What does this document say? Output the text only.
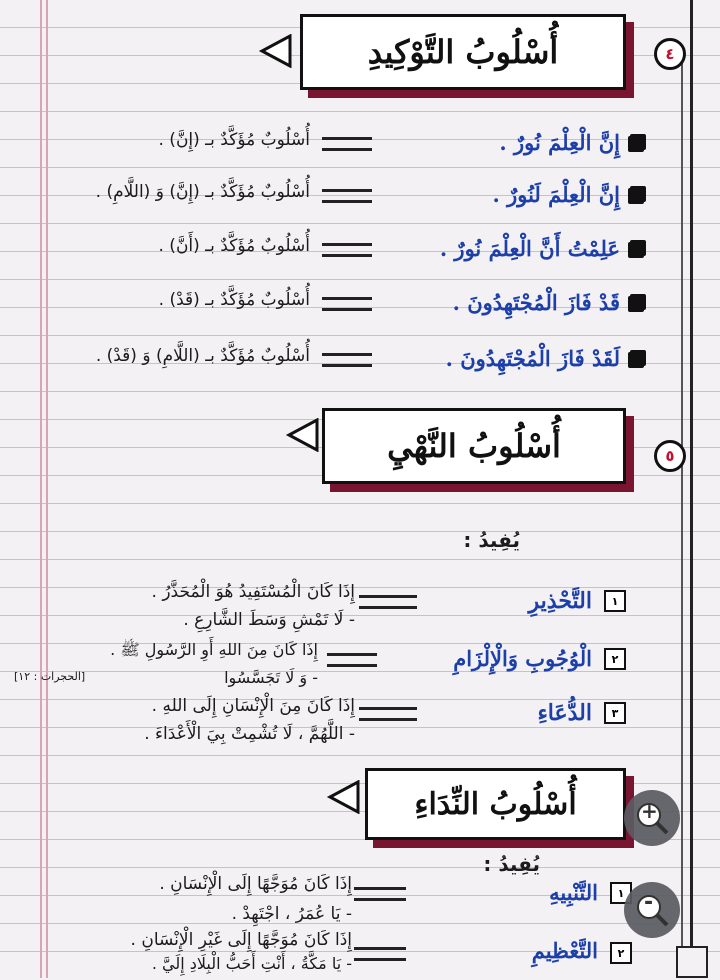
٤
أُسْلُوبُ التَّوْكِيدِ
إِنَّ الْعِلْمَ نُورٌ .
أُسْلُوبٌ مُؤَكَّدٌ بـ (إِنَّ) .
إِنَّ الْعِلْمَ لَنُورٌ .
أُسْلُوبٌ مُؤَكَّدٌ بـ (إِنَّ) وَ (اللَّامِ) .
عَلِمْتُ أَنَّ الْعِلْمَ نُورٌ .
أُسْلُوبٌ مُؤَكَّدٌ بـ (أَنَّ) .
قَدْ فَازَ الْمُجْتَهِدُونَ .
أُسْلُوبٌ مُؤَكَّدٌ بـ (قَدْ) .
لَقَدْ فَازَ الْمُجْتَهِدُونَ .
أُسْلُوبٌ مُؤَكَّدٌ بـ (اللَّامِ) وَ (قَدْ) .
٥
أُسْلُوبُ النَّهْيِ
يُفِيدُ :
١
التَّحْذِيرِ
إِذَا كَانَ الْمُسْتَفِيدُ هُوَ الْمُحَذَّرُ .
- لَا تَمْشِ وَسَطَ الشَّارِعِ .
٢
الْوُجُوبِ وَالْإِلْزَامِ
إِذَا كَانَ مِنَ اللهِ أَوِ الرَّسُولِ ﷺ .
- وَ لَا تَجَسَّسُوا
[الحجرات : ١٢]
٣
الدُّعَاءِ
إِذَا كَانَ مِنَ الْإِنْسَانِ إِلَى اللهِ .
- اللَّهُمَّ ، لَا تُشْمِتْ بِيَ الْأَعْدَاءَ .
أُسْلُوبُ النِّدَاءِ
يُفِيدُ :
١
التَّنْبِيهِ
إِذَا كَانَ مُوَجَّهًا إِلَى الْإِنْسَانِ .
- يَا عُمَرُ ، اجْتَهِدْ .
٢
التَّعْظِيمِ
إِذَا كَانَ مُوَجَّهًا إِلَى غَيْرِ الْإِنْسَانِ .
- يَا مَكَّةُ ، أَنْتِ أَحَبُّ الْبِلَادِ إِلَيَّ .
+
-
